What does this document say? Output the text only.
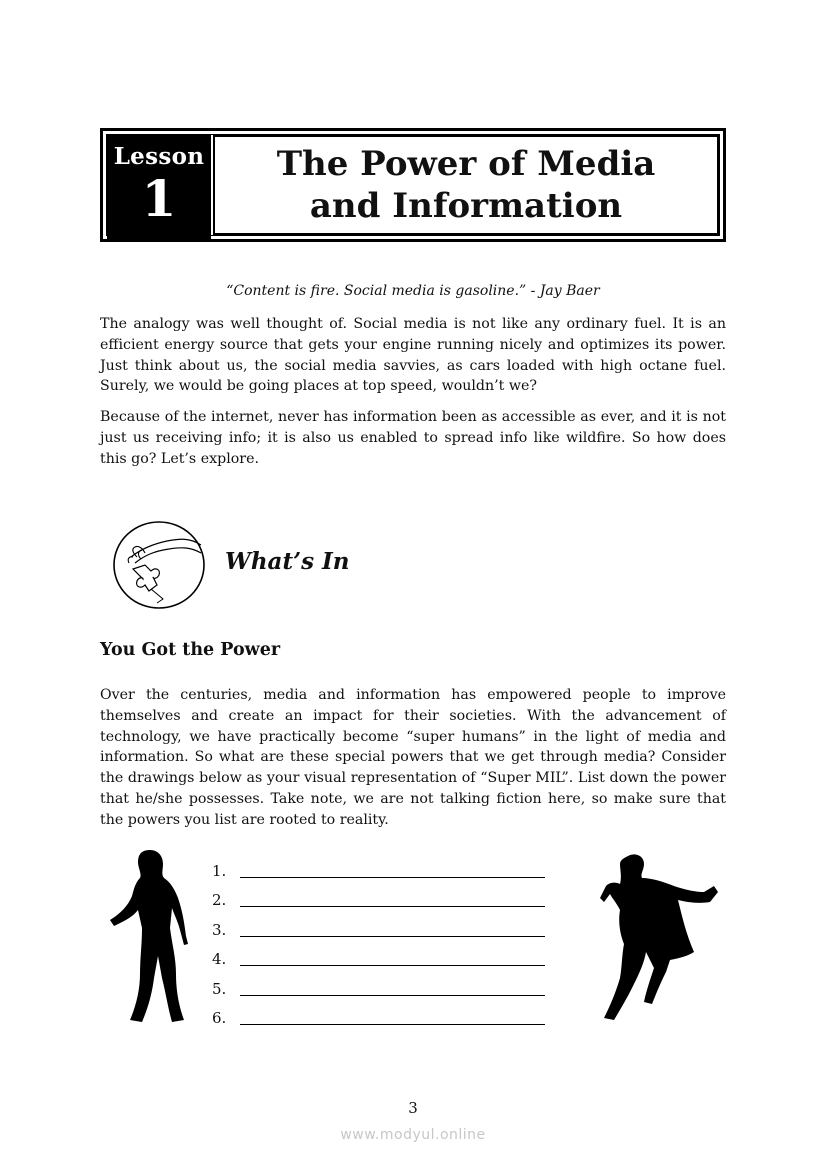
Lesson
1
The Power of Media and Information
“Content is fire. Social media is gasoline.” - Jay Baer

The analogy was well thought of. Social media is not like any ordinary fuel. It is an efficient energy source that gets your engine running nicely and optimizes its power. Just think about us, the social media savvies, as cars loaded with high octane fuel. Surely, we would be going places at top speed, wouldn’t we?

Because of the internet, never has information been as accessible as ever, and it is not just us receiving info; it is also us enabled to spread info like wildfire. So how does this go? Let’s explore.

What’s In
You Got the Power

Over the centuries, media and information has empowered people to improve themselves and create an impact for their societies. With the advancement of technology, we have practically become “super humans” in the light of media and information. So what are these special powers that we get through media? Consider the drawings below as your visual representation of “Super MIL”. List down the power that he/she possesses. Take note, we are not talking fiction here, so make sure that the powers you list are rooted to reality.

1.
2.
3.
4.
5.
6.
3
www.modyul.online
